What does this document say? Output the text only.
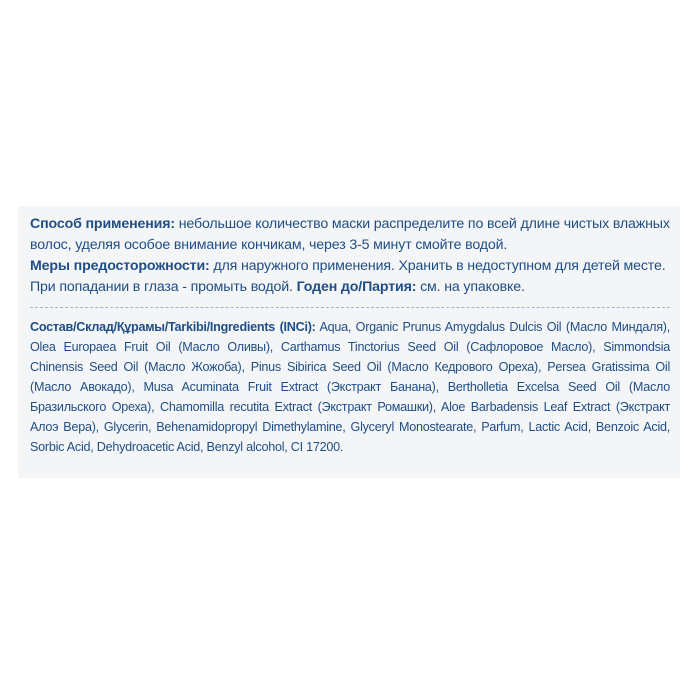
Способ применения: небольшое количество маски распределите по всей длине чистых влажных волос, уделяя особое внимание кончикам, через 3-5 минут смойте водой.
Меры предосторожности: для наружного применения. Хранить в недоступном для детей месте. При попадании в глаза - промыть водой. Годен до/Партия: см. на упаковке.

Состав/Склад/Құрамы/Tarkibi/Ingredients (INCi): Aqua, Organic Prunus Amygdalus Dulcis Oil (Масло Миндаля), Olea Europaea Fruit Oil (Масло Оливы), Carthamus Tinctorius Seed Oil (Сафлоровое Масло), Simmondsia Chinensis Seed Oil (Масло Жожоба), Pinus Sibirica Seed Oil (Масло Кедрового Ореха), Persea Gratissima Oil (Масло Авокадо), Musa Acuminata Fruit Extract (Экстракт Банана), Bertholletia Excelsa Seed Oil (Масло Бразильского Ореха), Chamomilla recutita Extract (Экстракт Ромашки), Aloe Barbadensis Leaf Extract (Экстракт Алоэ Вера), Glycerin, Behenamidopropyl Dimethylamine, Glyceryl Monostearate, Parfum, Lactic Acid, Benzoic Acid, Sorbic Acid, Dehydroacetic Acid, Benzyl alcohol, CI 17200.
